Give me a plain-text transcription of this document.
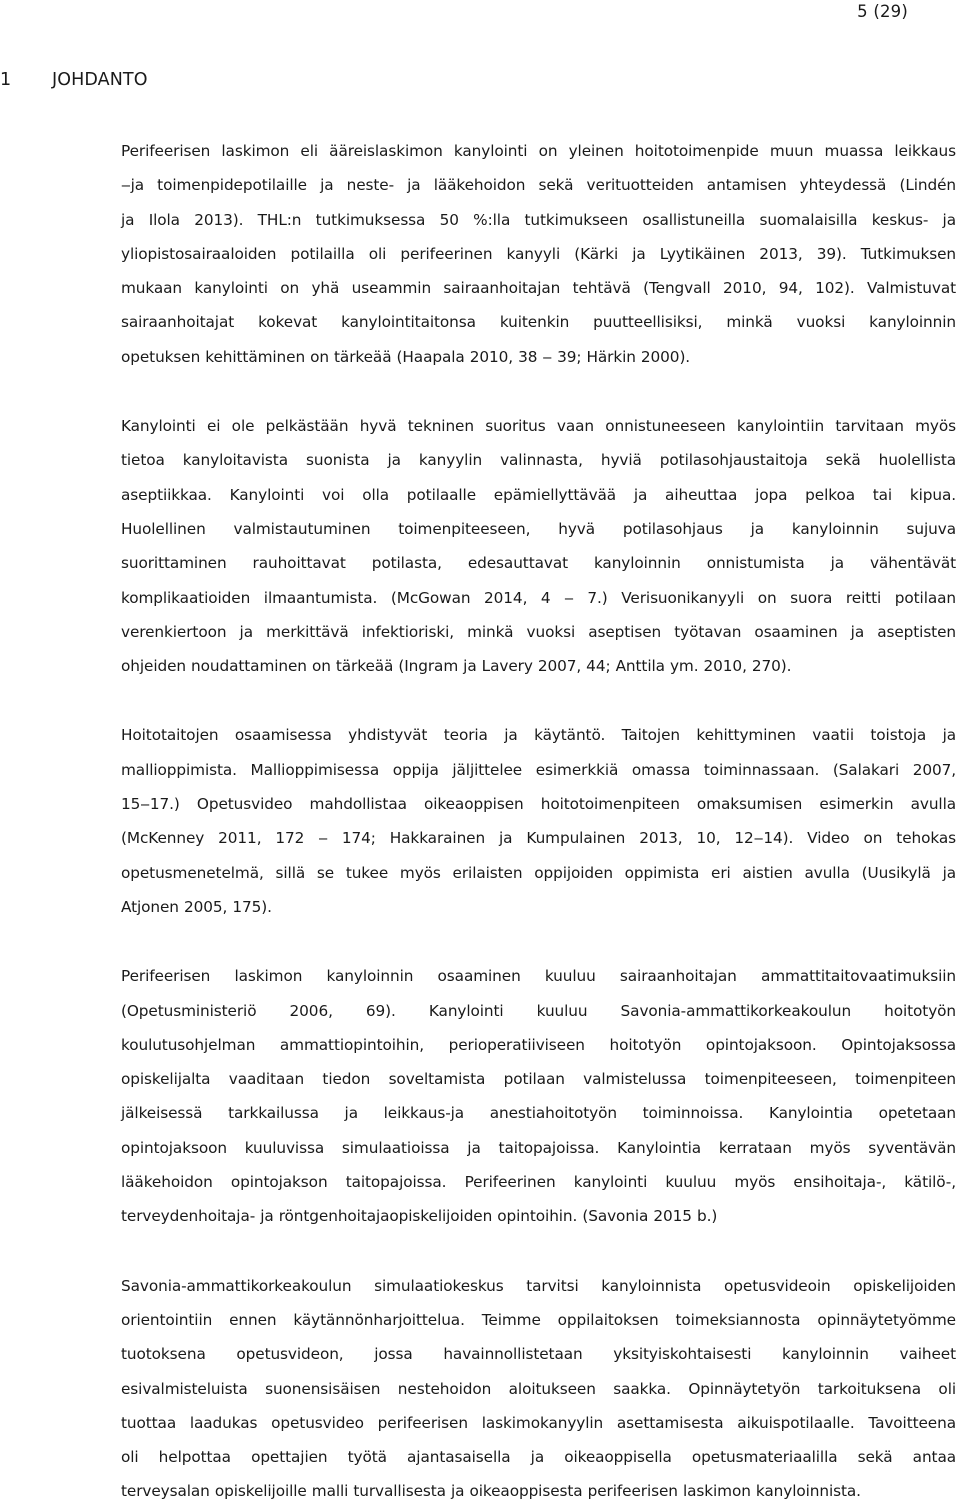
5 (29)

1 JOHDANTO

Perifeerisen laskimon eli ääreislaskimon kanylointi on yleinen hoitotoimenpide muun muassa leikkaus
‒ja toimenpidepotilaille ja neste- ja lääkehoidon sekä verituotteiden antamisen yhteydessä (Lindén
ja Ilola 2013). THL:n tutkimuksessa 50 %:lla tutkimukseen osallistuneilla suomalaisilla keskus- ja
yliopistosairaaloiden potilailla oli perifeerinen kanyyli (Kärki ja Lyytikäinen 2013, 39). Tutkimuksen
mukaan kanylointi on yhä useammin sairaanhoitajan tehtävä (Tengvall 2010, 94, 102). Valmistuvat
sairaanhoitajat kokevat kanylointitaitonsa kuitenkin puutteellisiksi, minkä vuoksi kanyloinnin
opetuksen kehittäminen on tärkeää (Haapala 2010, 38 ‒ 39; Härkin 2000).

Kanylointi ei ole pelkästään hyvä tekninen suoritus vaan onnistuneeseen kanylointiin tarvitaan myös
tietoa kanyloitavista suonista ja kanyylin valinnasta, hyviä potilasohjaustaitoja sekä huolellista
aseptiikkaa. Kanylointi voi olla potilaalle epämiellyttävää ja aiheuttaa jopa pelkoa tai kipua.
Huolellinen valmistautuminen toimenpiteeseen, hyvä potilasohjaus ja kanyloinnin sujuva
suorittaminen rauhoittavat potilasta, edesauttavat kanyloinnin onnistumista ja vähentävät
komplikaatioiden ilmaantumista. (McGowan 2014, 4 ‒ 7.) Verisuonikanyyli on suora reitti potilaan
verenkiertoon ja merkittävä infektioriski, minkä vuoksi aseptisen työtavan osaaminen ja aseptisten
ohjeiden noudattaminen on tärkeää (Ingram ja Lavery 2007, 44; Anttila ym. 2010, 270).

Hoitotaitojen osaamisessa yhdistyvät teoria ja käytäntö. Taitojen kehittyminen vaatii toistoja ja
mallioppimista. Mallioppimisessa oppija jäljittelee esimerkkiä omassa toiminnassaan. (Salakari 2007,
15‒17.) Opetusvideo mahdollistaa oikeaoppisen hoitotoimenpiteen omaksumisen esimerkin avulla
(McKenney 2011, 172 ‒ 174; Hakkarainen ja Kumpulainen 2013, 10, 12‒14). Video on tehokas
opetusmenetelmä, sillä se tukee myös erilaisten oppijoiden oppimista eri aistien avulla (Uusikylä ja
Atjonen 2005, 175).

Perifeerisen laskimon kanyloinnin osaaminen kuuluu sairaanhoitajan ammattitaitovaatimuksiin
(Opetusministeriö 2006, 69). Kanylointi kuuluu Savonia-ammattikorkeakoulun hoitotyön
koulutusohjelman ammattiopintoihin, perioperatiiviseen hoitotyön opintojaksoon. Opintojaksossa
opiskelijalta vaaditaan tiedon soveltamista potilaan valmistelussa toimenpiteeseen, toimenpiteen
jälkeisessä tarkkailussa ja leikkaus-ja anestiahoitotyön toiminnoissa. Kanylointia opetetaan
opintojaksoon kuuluvissa simulaatioissa ja taitopajoissa. Kanylointia kerrataan myös syventävän
lääkehoidon opintojakson taitopajoissa. Perifeerinen kanylointi kuuluu myös ensihoitaja-, kätilö-,
terveydenhoitaja- ja röntgenhoitajaopiskelijoiden opintoihin. (Savonia 2015 b.)

Savonia-ammattikorkeakoulun simulaatiokeskus tarvitsi kanyloinnista opetusvideoin opiskelijoiden
orientointiin ennen käytännönharjoittelua. Teimme oppilaitoksen toimeksiannosta opinnäytetyömme
tuotoksena opetusvideon, jossa havainnollistetaan yksityiskohtaisesti kanyloinnin vaiheet
esivalmisteluista suonensisäisen nestehoidon aloitukseen saakka. Opinnäytetyön tarkoituksena oli
tuottaa laadukas opetusvideo perifeerisen laskimokanyylin asettamisesta aikuispotilaalle. Tavoitteena
oli helpottaa opettajien työtä ajantasaisella ja oikeaoppisella opetusmateriaalilla sekä antaa
terveysalan opiskelijoille malli turvallisesta ja oikeaoppisesta perifeerisen laskimon kanyloinnista.
